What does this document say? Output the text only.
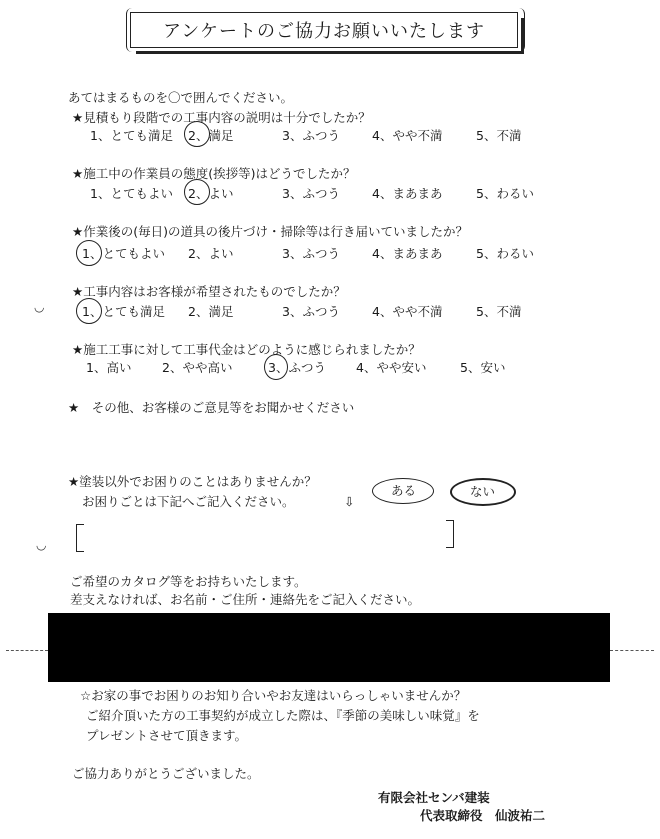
アンケートのご協力お願いいたします
あてはまるものを〇で囲んでください。
★見積もり段階での工事内容の説明は十分でしたか？
1、とても満足 2、満足	3、ふつう	4、やや不満	5、不満
★施工中の作業員の態度(挨拶等)はどうでしたか？
1、とてもよい 2、よい	3、ふつう	4、まあまあ	5、わるい
★作業後の(毎日)の道具の後片づけ・掃除等は行き届いていましたか？
1、とてもよい 2、よい	3、ふつう	4、まあまあ	5、わるい
★工事内容はお客様が希望されたものでしたか？
1、とても満足 2、満足	3、ふつう	4、やや不満	5、不満
◡
★施工工事に対して工事代金はどのように感じられましたか？
1、高い 2、やや高い	3、ふつう 4、やや安い	5、安い
★　その他、お客様のご意見等をお聞かせください
★塗装以外でお困りのことはありませんか？
お困りごとは下記へご記入ください。	⇩
ある	ない
◡
ご希望のカタログ等をお持ちいたします。
差支えなければ、お名前・ご住所・連絡先をご記入ください。
☆お家の事でお困りのお知り合いやお友達はいらっしゃいませんか？
ご紹介頂いた方の工事契約が成立した際は、『季節の美味しい味覚』を
プレゼントさせて頂きます。
ご協力ありがとうございました。
有限会社センバ建装
代表取締役　仙波祐二
